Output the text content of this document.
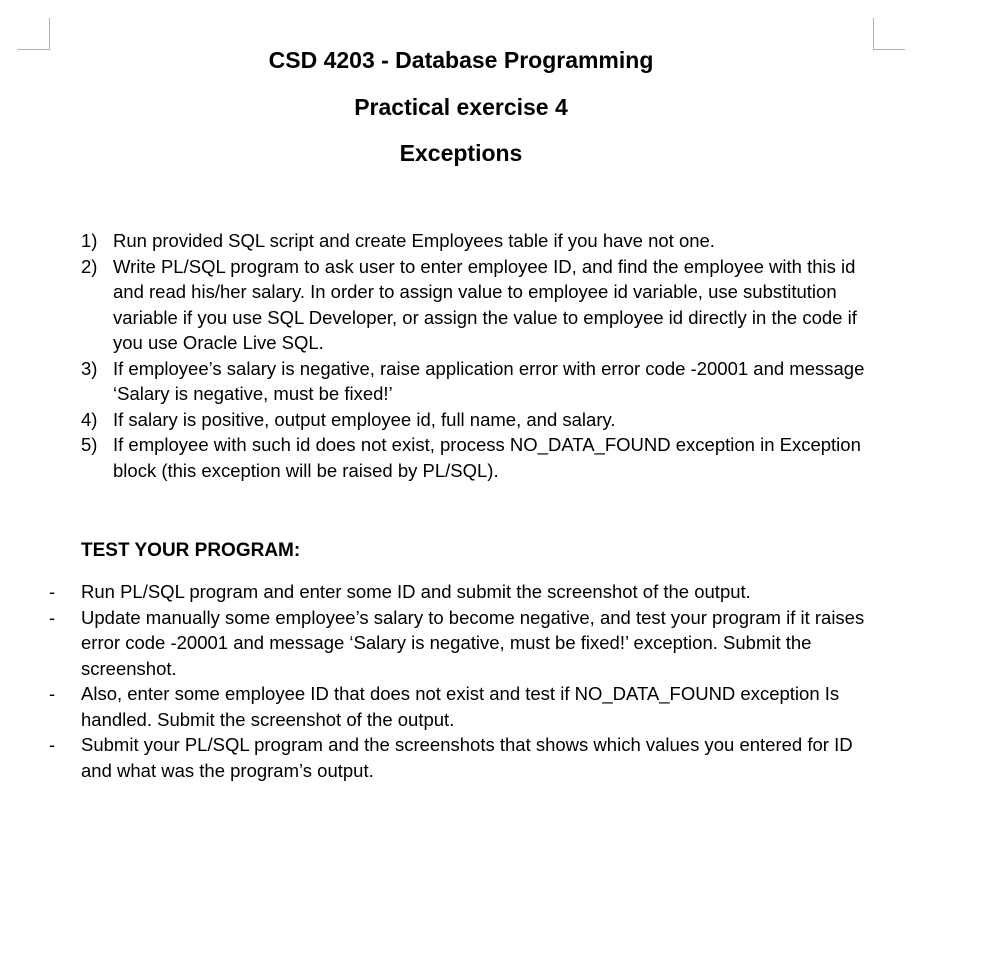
CSD 4203 - Database Programming
Practical exercise 4
Exceptions
1) Run provided SQL script and create Employees table if you have not one.
2) Write PL/SQL program to ask user to enter employee ID, and find the employee with this id and read his/her salary. In order to assign value to employee id variable, use substitution variable if you use SQL Developer, or assign the value to employee id directly in the code if you use Oracle Live SQL.
3) If employee’s salary is negative, raise application error with error code -20001 and message ‘Salary is negative, must be fixed!’
4) If salary is positive, output employee id, full name, and salary.
5) If employee with such id does not exist, process NO_DATA_FOUND exception in Exception block (this exception will be raised by PL/SQL).
TEST YOUR PROGRAM:
- Run PL/SQL program and enter some ID and submit the screenshot of the output.
- Update manually some employee’s salary to become negative, and test your program if it raises error code -20001 and message ‘Salary is negative, must be fixed!’ exception. Submit the screenshot.
- Also, enter some employee ID that does not exist and test if NO_DATA_FOUND exception Is handled. Submit the screenshot of the output.
- Submit your PL/SQL program and the screenshots that shows which values you entered for ID and what was the program’s output.
